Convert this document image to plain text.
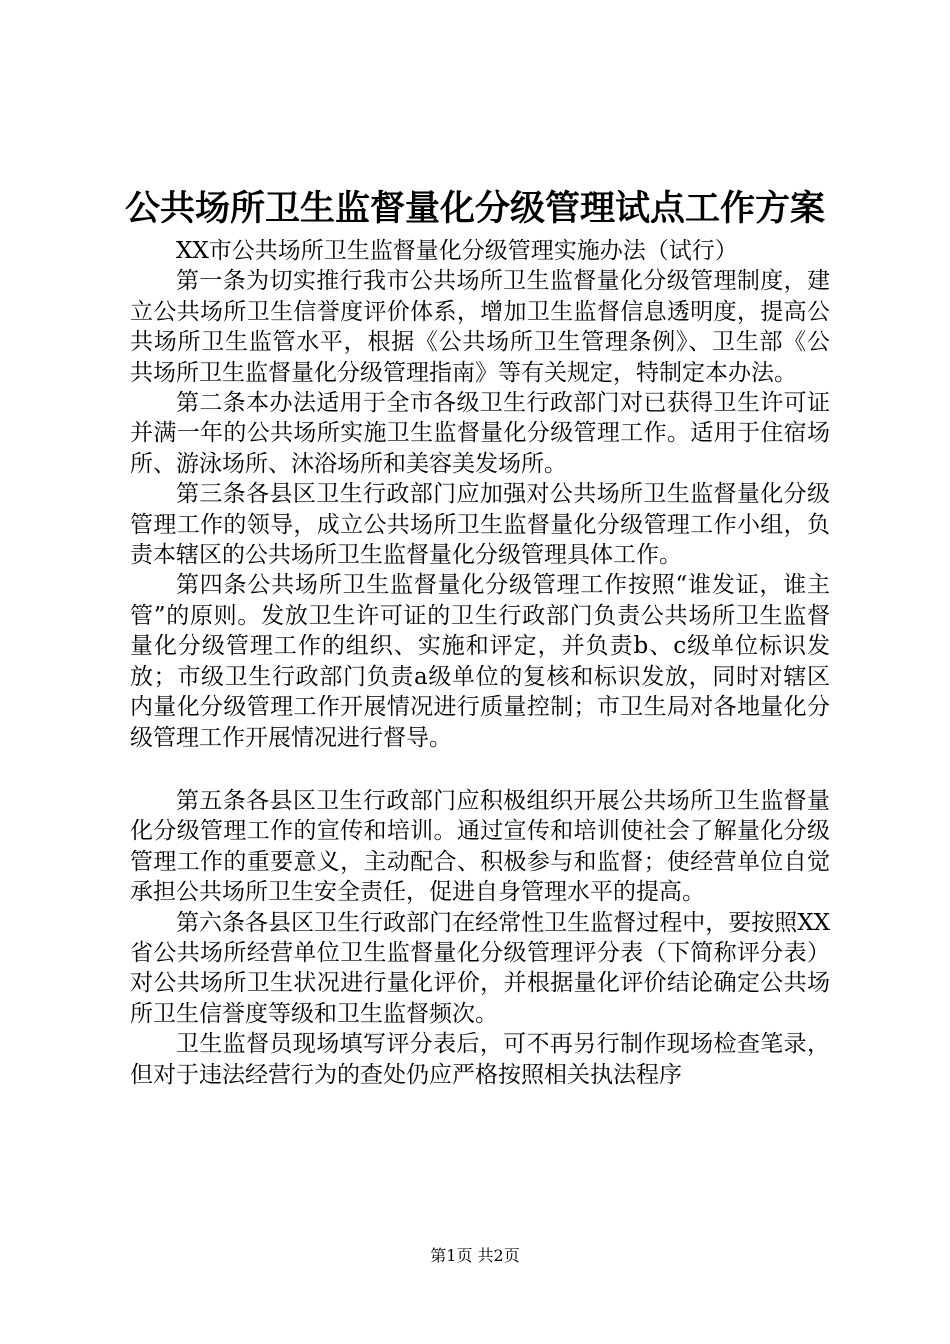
公共场所卫生监督量化分级管理试点工作方案

XX市公共场所卫生监督量化分级管理实施办法（试行）

第一条为切实推行我市公共场所卫生监督量化分级管理制度，建立公共场所卫生信誉度评价体系，增加卫生监督信息透明度，提高公共场所卫生监管水平，根据《公共场所卫生管理条例》、卫生部《公共场所卫生监督量化分级管理指南》等有关规定，特制定本办法。

第二条本办法适用于全市各级卫生行政部门对已获得卫生许可证并满一年的公共场所实施卫生监督量化分级管理工作。适用于住宿场所、游泳场所、沐浴场所和美容美发场所。

第三条各县区卫生行政部门应加强对公共场所卫生监督量化分级管理工作的领导，成立公共场所卫生监督量化分级管理工作小组，负责本辖区的公共场所卫生监督量化分级管理具体工作。

第四条公共场所卫生监督量化分级管理工作按照“谁发证，谁主管”的原则。发放卫生许可证的卫生行政部门负责公共场所卫生监督量化分级管理工作的组织、实施和评定，并负责b、c级单位标识发放；市级卫生行政部门负责a级单位的复核和标识发放，同时对辖区内量化分级管理工作开展情况进行质量控制；市卫生局对各地量化分级管理工作开展情况进行督导。

第五条各县区卫生行政部门应积极组织开展公共场所卫生监督量化分级管理工作的宣传和培训。通过宣传和培训使社会了解量化分级管理工作的重要意义，主动配合、积极参与和监督；使经营单位自觉承担公共场所卫生安全责任，促进自身管理水平的提高。

第六条各县区卫生行政部门在经常性卫生监督过程中，要按照XX省公共场所经营单位卫生监督量化分级管理评分表（下简称评分表）对公共场所卫生状况进行量化评价，并根据量化评价结论确定公共场所卫生信誉度等级和卫生监督频次。

卫生监督员现场填写评分表后，可不再另行制作现场检查笔录，但对于违法经营行为的查处仍应严格按照相关执法程序

第1页 共2页
